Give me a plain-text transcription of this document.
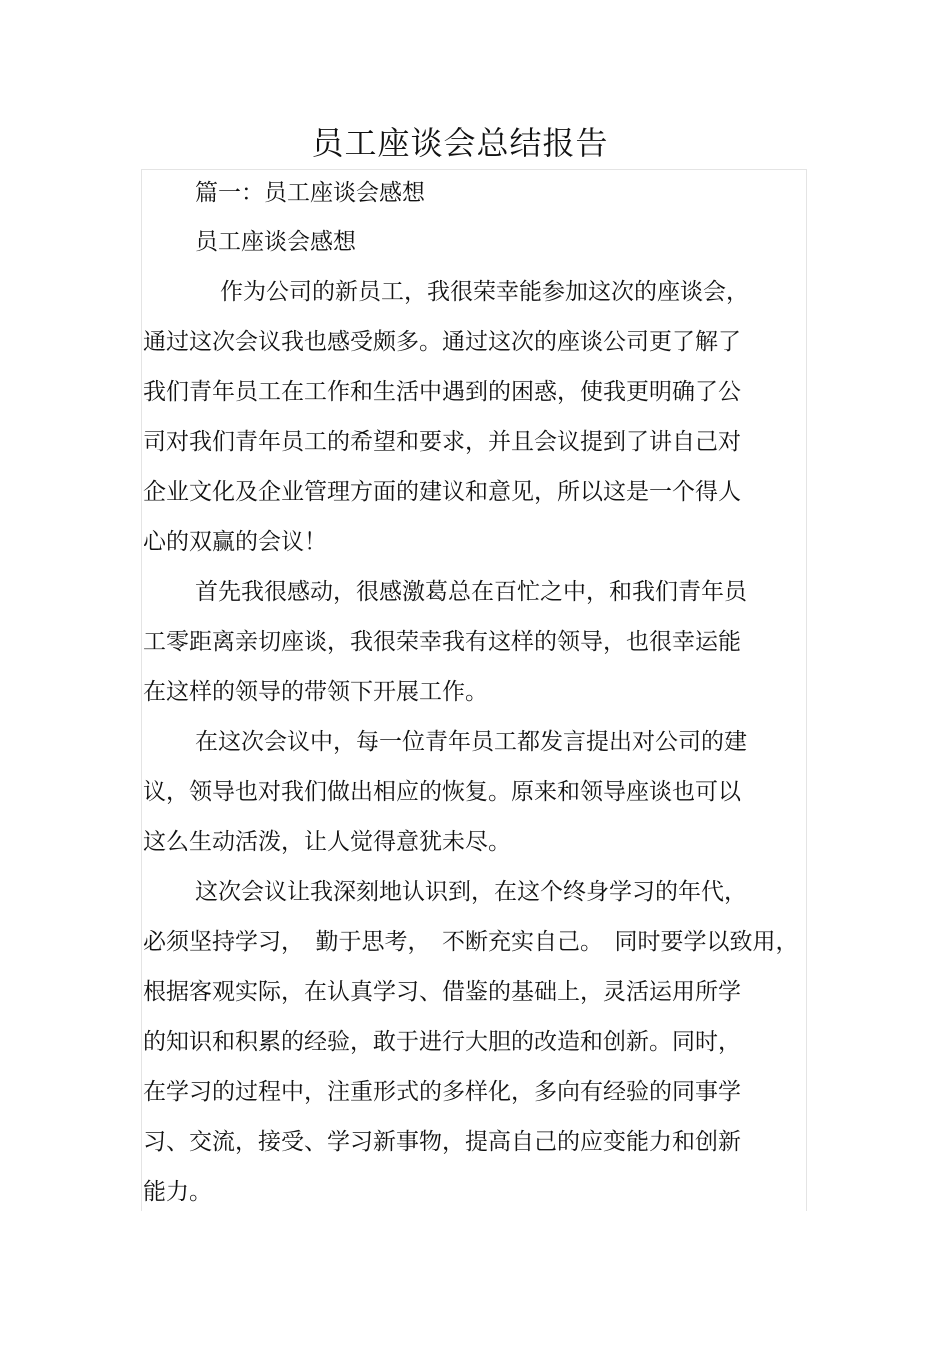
员工座谈会总结报告
篇一：员工座谈会感想
员工座谈会感想
作为公司的新员工，我很荣幸能参加这次的座谈会，
通过这次会议我也感受颇多。通过这次的座谈公司更了解了
我们青年员工在工作和生活中遇到的困惑，使我更明确了公
司对我们青年员工的希望和要求，并且会议提到了讲自己对
企业文化及企业管理方面的建议和意见，所以这是一个得人
心的双赢的会议！
首先我很感动，很感激葛总在百忙之中，和我们青年员
工零距离亲切座谈，我很荣幸我有这样的领导，也很幸运能
在这样的领导的带领下开展工作。
在这次会议中，每一位青年员工都发言提出对公司的建
议，领导也对我们做出相应的恢复。原来和领导座谈也可以
这么生动活泼，让人觉得意犹未尽。
这次会议让我深刻地认识到，在这个终身学习的年代，
必须坚持学习，　勤于思考，　不断充实自己。　同时要学以致用，
根据客观实际，在认真学习、借鉴的基础上，灵活运用所学
的知识和积累的经验，敢于进行大胆的改造和创新。同时，
在学习的过程中，注重形式的多样化，多向有经验的同事学
习、交流，接受、学习新事物，提高自己的应变能力和创新
能力。
